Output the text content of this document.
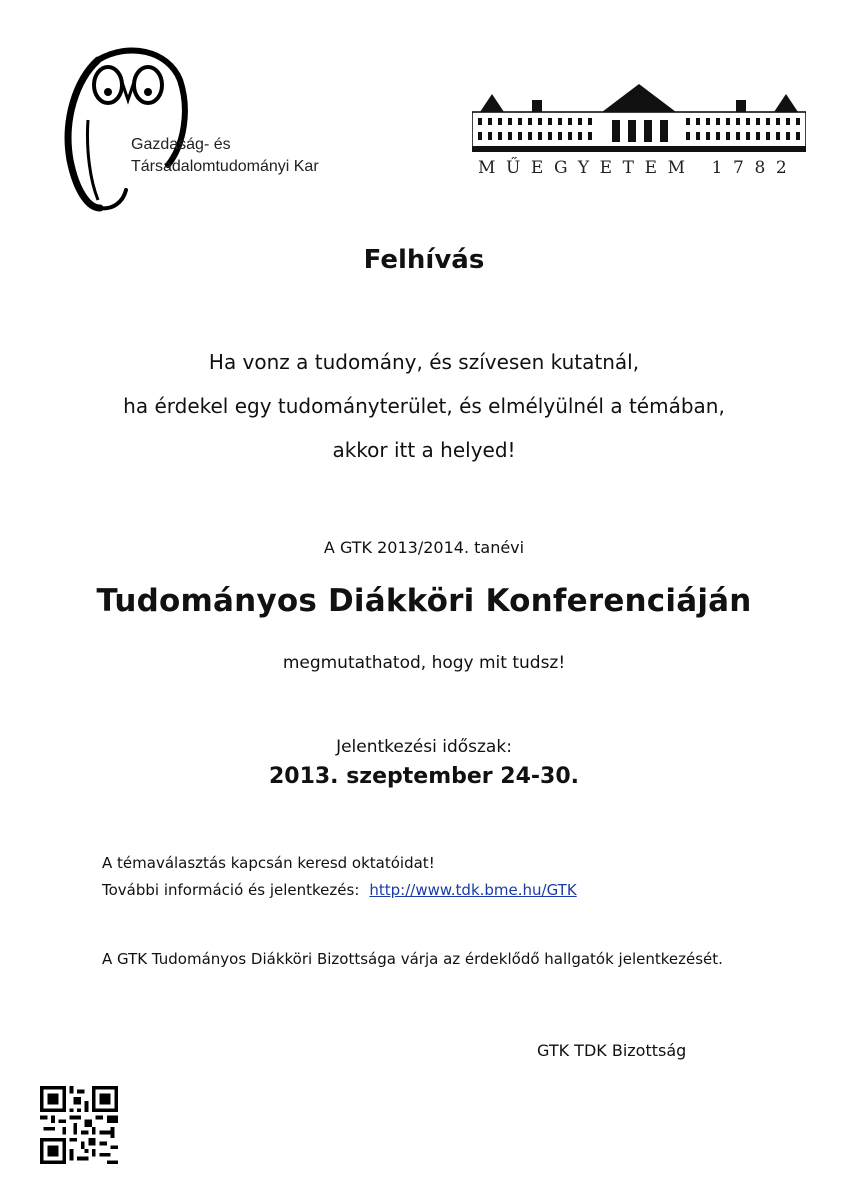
Gazdaság- és
Társadalomtudományi Kar	MŰEGYETEM 1782
Felhívás
Ha vonz a tudomány, és szívesen kutatnál,
ha érdekel egy tudományterület, és elmélyülnél a témában,
akkor itt a helyed!
A GTK 2013/2014. tanévi
Tudományos Diákköri Konferenciáján
megmutathatod, hogy mit tudsz!
Jelentkezési időszak:
2013. szeptember 24-30.
A témaválasztás kapcsán keresd oktatóidat!
További információ és jelentkezés: http://www.tdk.bme.hu/GTK
A GTK Tudományos Diákköri Bizottsága várja az érdeklődő hallgatók jelentkezését.
GTK TDK Bizottság
